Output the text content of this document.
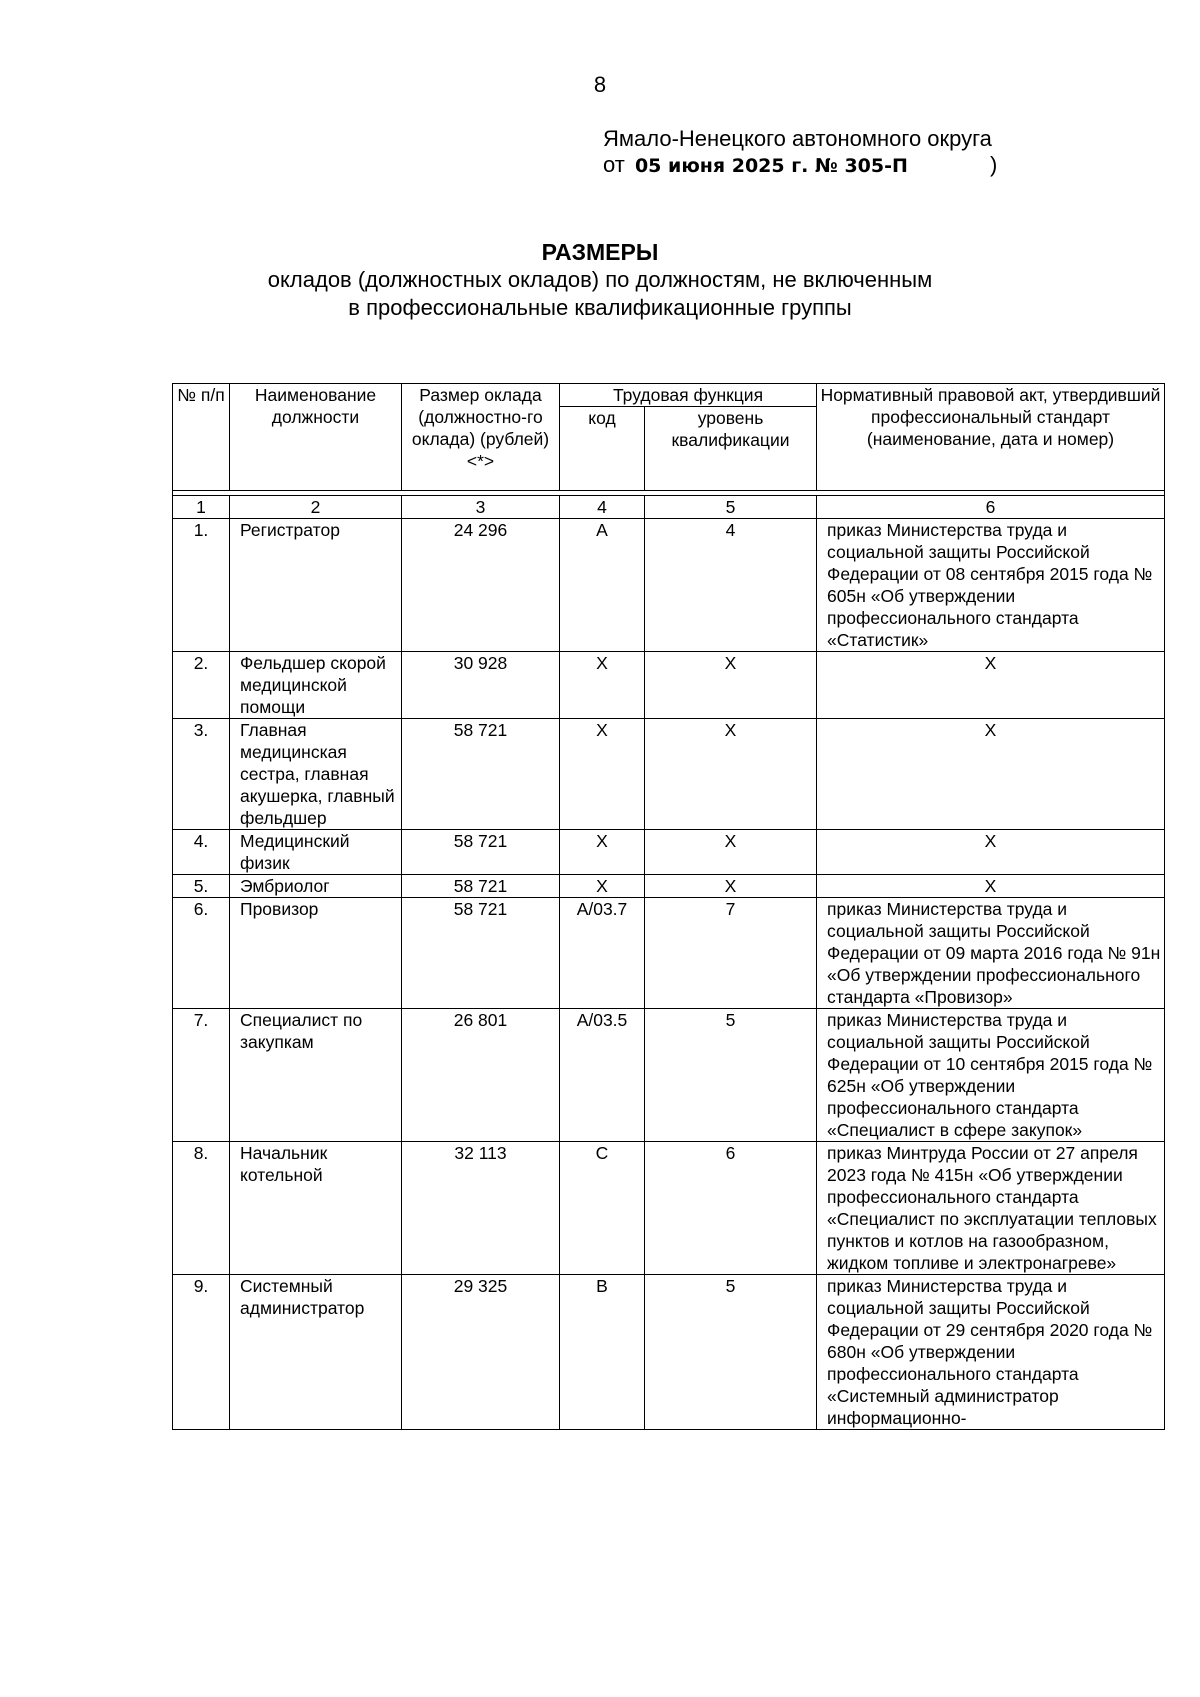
8
Ямало-Ненецкого автономного округа
от 05 июня 2025 г. № 305-П	)
РАЗМЕРЫ
окладов (должностных окладов) по должностям, не включенным
в профессиональные квалификационные группы
№ п/п	Наименование должности	Размер оклада (должностно-го оклада) (рублей) <*>	Трудовая функция		Нормативный правовой акт, утвердивший профессиональный стандарт (наименование, дата и номер)
			код	уровень квалификации	

1	2	3	4	5	6
1.	Регистратор	24 296	A	4	приказ Министерства труда и социальной защиты Российской Федерации от 08 сентября 2015 года № 605н «Об утверждении профессионального стандарта «Статистик»
2.	Фельдшер скорой медицинской помощи	30 928	X	X	X
3.	Главная медицинская сестра, главная акушерка, главный фельдшер	58 721	X	X	X
4.	Медицинский физик	58 721	X	X	X
5.	Эмбриолог	58 721	X	X	X
6.	Провизор	58 721	А/03.7	7	приказ Министерства труда и социальной защиты Российской Федерации от 09 марта 2016 года № 91н «Об утверждении профессионального стандарта «Провизор»
7.	Специалист по закупкам	26 801	А/03.5	5	приказ Министерства труда и социальной защиты Российской Федерации от 10 сентября 2015 года № 625н «Об утверждении профессионального стандарта «Специалист в сфере закупок»
8.	Начальник котельной	32 113	C	6	приказ Минтруда России от 27 апреля 2023 года № 415н «Об утверждении профессионального стандарта «Специалист по эксплуатации тепловых пунктов и котлов на газообразном, жидком топливе и электронагреве»
9.	Системный администратор	29 325	B	5	приказ Министерства труда и социальной защиты Российской Федерации от 29 сентября 2020 года № 680н «Об утверждении профессионального стандарта «Системный администратор информационно-
